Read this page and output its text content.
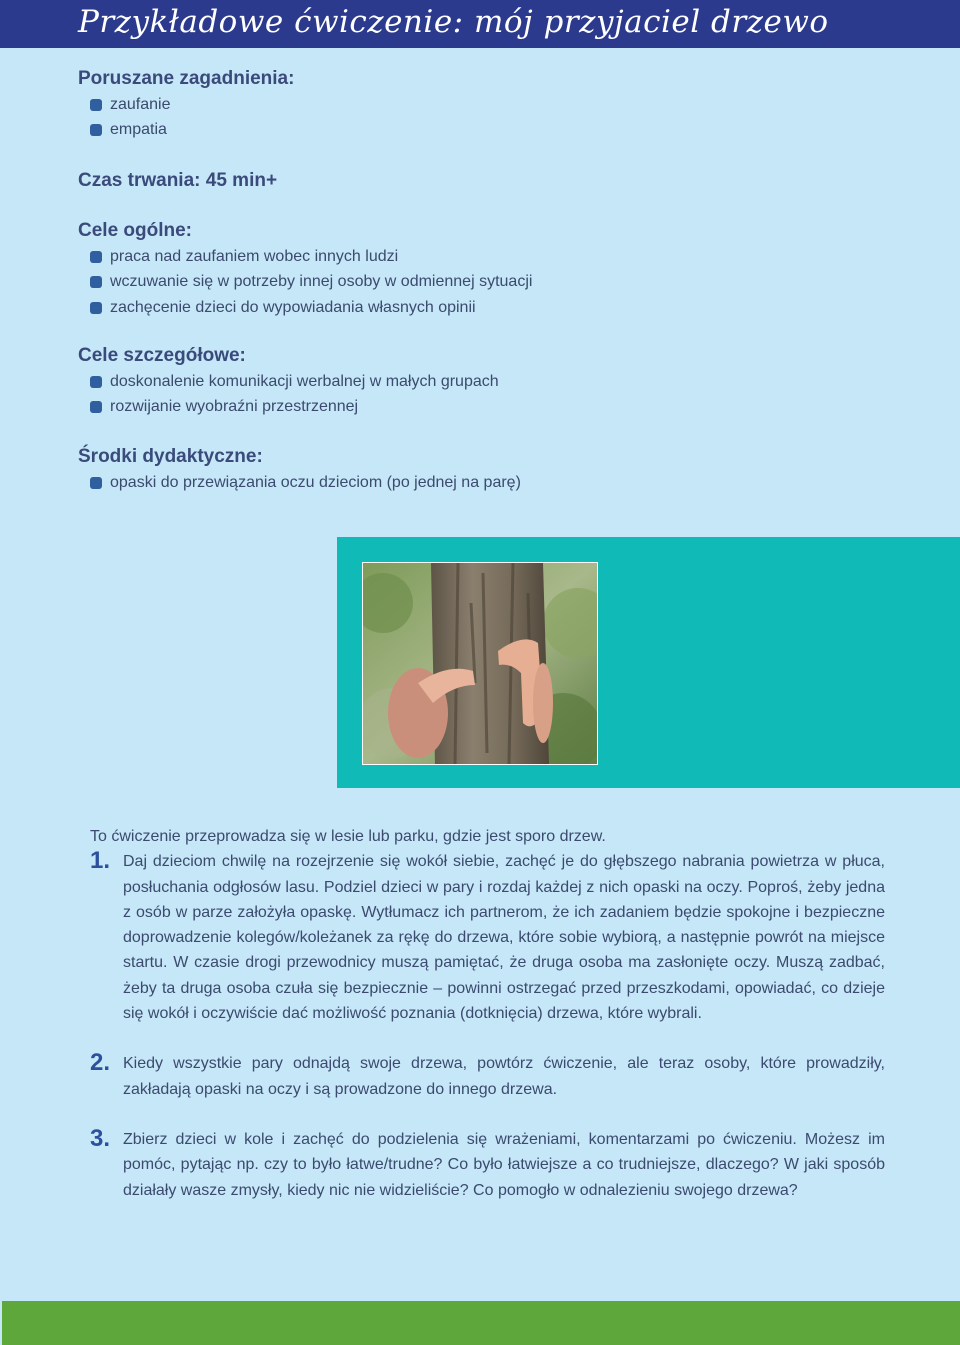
Przykładowe ćwiczenie: mój przyjaciel drzewo
Poruszane zagadnienia:
zaufanie
empatia
Czas trwania: 45 min+
Cele ogólne:
praca nad zaufaniem wobec innych ludzi
wczuwanie się w potrzeby innej osoby w odmiennej sytuacji
zachęcenie dzieci do wypowiadania własnych opinii
Cele szczegółowe:
doskonalenie komunikacji werbalnej w małych grupach
rozwijanie wyobraźni przestrzennej
Środki dydaktyczne:
opaski do przewiązania oczu dzieciom (po jednej na parę)

To ćwiczenie przeprowadza się w lesie lub parku, gdzie jest sporo drzew.

1. Daj dzieciom chwilę na rozejrzenie się wokół siebie, zachęć je do głębszego nabrania powietrza w płuca, posłuchania odgłosów lasu. Podziel dzieci w pary i rozdaj każdej z nich opaski na oczy. Poproś, żeby jedna z osób w parze założyła opaskę. Wytłumacz ich partnerom, że ich zadaniem będzie spokojne i bezpieczne doprowadzenie kolegów/koleżanek za rękę do drzewa, które sobie wybiorą, a następnie powrót na miejsce startu. W czasie drogi przewodnicy muszą pamiętać, że druga osoba ma zasłonięte oczy. Muszą zadbać, żeby ta druga osoba czuła się bezpiecznie – powinni ostrzegać przed przeszkodami, opowiadać, co dzieje się wokół i oczywiście dać możliwość poznania (dotknięcia) drzewa, które wybrali.

2. Kiedy wszystkie pary odnajdą swoje drzewa, powtórz ćwiczenie, ale teraz osoby, które prowadziły, zakładają opaski na oczy i są prowadzone do innego drzewa.

3. Zbierz dzieci w kole i zachęć do podzielenia się wrażeniami, komentarzami po ćwiczeniu. Możesz im pomóc, pytając np. czy to było łatwe/trudne? Co było łatwiejsze a co trudniejsze, dlaczego? W jaki sposób działały wasze zmysły, kiedy nic nie widzieliście? Co pomogło w odnalezieniu swojego drzewa?
